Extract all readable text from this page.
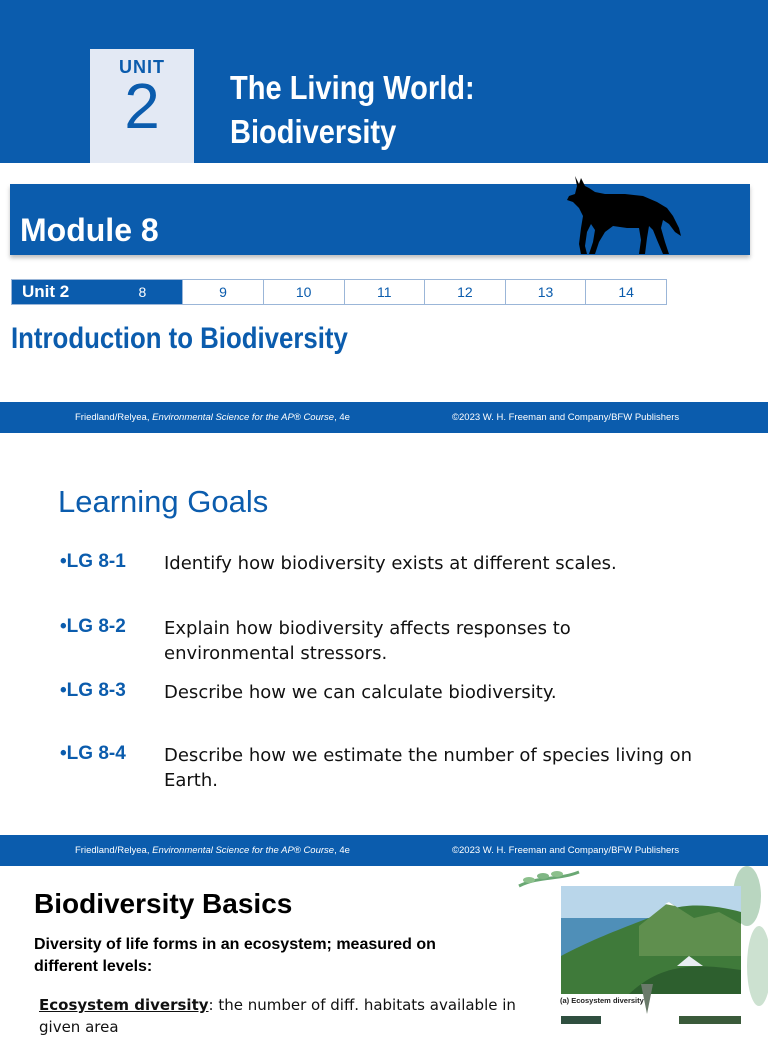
UNIT
2	The Living World:
Biodiversity
Module 8
Unit 2	8	9	10	11	12	13	14
Introduction to Biodiversity
Friedland/Relyea, Environmental Science for the AP® Course, 4e	©2023 W. H. Freeman and Company/BFW Publishers
Learning Goals
•LG 8-1 Identify how biodiversity exists at different scales.
•LG 8-2 Explain how biodiversity affects responses to environmental stressors.
•LG 8-3 Describe how we can calculate biodiversity.
•LG 8-4 Describe how we estimate the number of species living on Earth.
Friedland/Relyea, Environmental Science for the AP® Course, 4e	©2023 W. H. Freeman and Company/BFW Publishers
Biodiversity Basics
Diversity of life forms in an ecosystem; measured on different levels:
Ecosystem diversity: the number of diff. habitats available in a given area
(a) Ecosystem diversity
